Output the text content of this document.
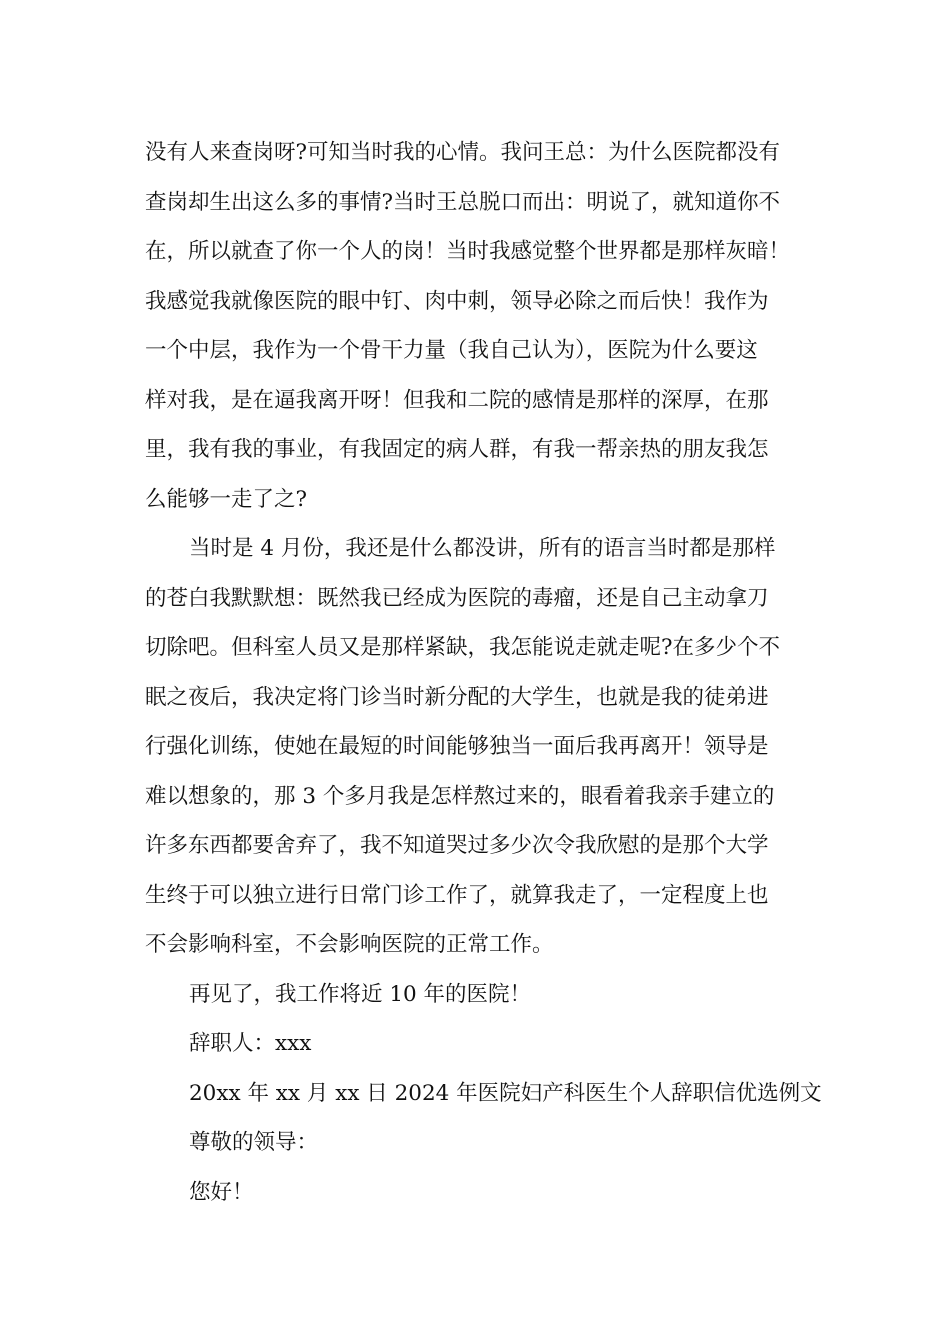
没有人来查岗呀?可知当时我的心情。我问王总：为什么医院都没有
查岗却生出这么多的事情?当时王总脱口而出：明说了，就知道你不
在，所以就查了你一个人的岗！当时我感觉整个世界都是那样灰暗！
我感觉我就像医院的眼中钉、肉中刺，领导必除之而后快！我作为
一个中层，我作为一个骨干力量（我自己认为），医院为什么要这
样对我，是在逼我离开呀！但我和二院的感情是那样的深厚，在那
里，我有我的事业，有我固定的病人群，有我一帮亲热的朋友我怎
么能够一走了之?

当时是 4 月份，我还是什么都没讲，所有的语言当时都是那样
的苍白我默默想：既然我已经成为医院的毒瘤，还是自己主动拿刀
切除吧。但科室人员又是那样紧缺，我怎能说走就走呢?在多少个不
眠之夜后，我决定将门诊当时新分配的大学生，也就是我的徒弟进
行强化训练，使她在最短的时间能够独当一面后我再离开！领导是
难以想象的，那 3 个多月我是怎样熬过来的，眼看着我亲手建立的
许多东西都要舍弃了，我不知道哭过多少次令我欣慰的是那个大学
生终于可以独立进行日常门诊工作了，就算我走了，一定程度上也
不会影响科室，不会影响医院的正常工作。

再见了，我工作将近 10 年的医院！

辞职人：xxx

20xx 年 xx 月 xx 日 2024 年医院妇产科医生个人辞职信优选例文

尊敬的领导：

您好！
